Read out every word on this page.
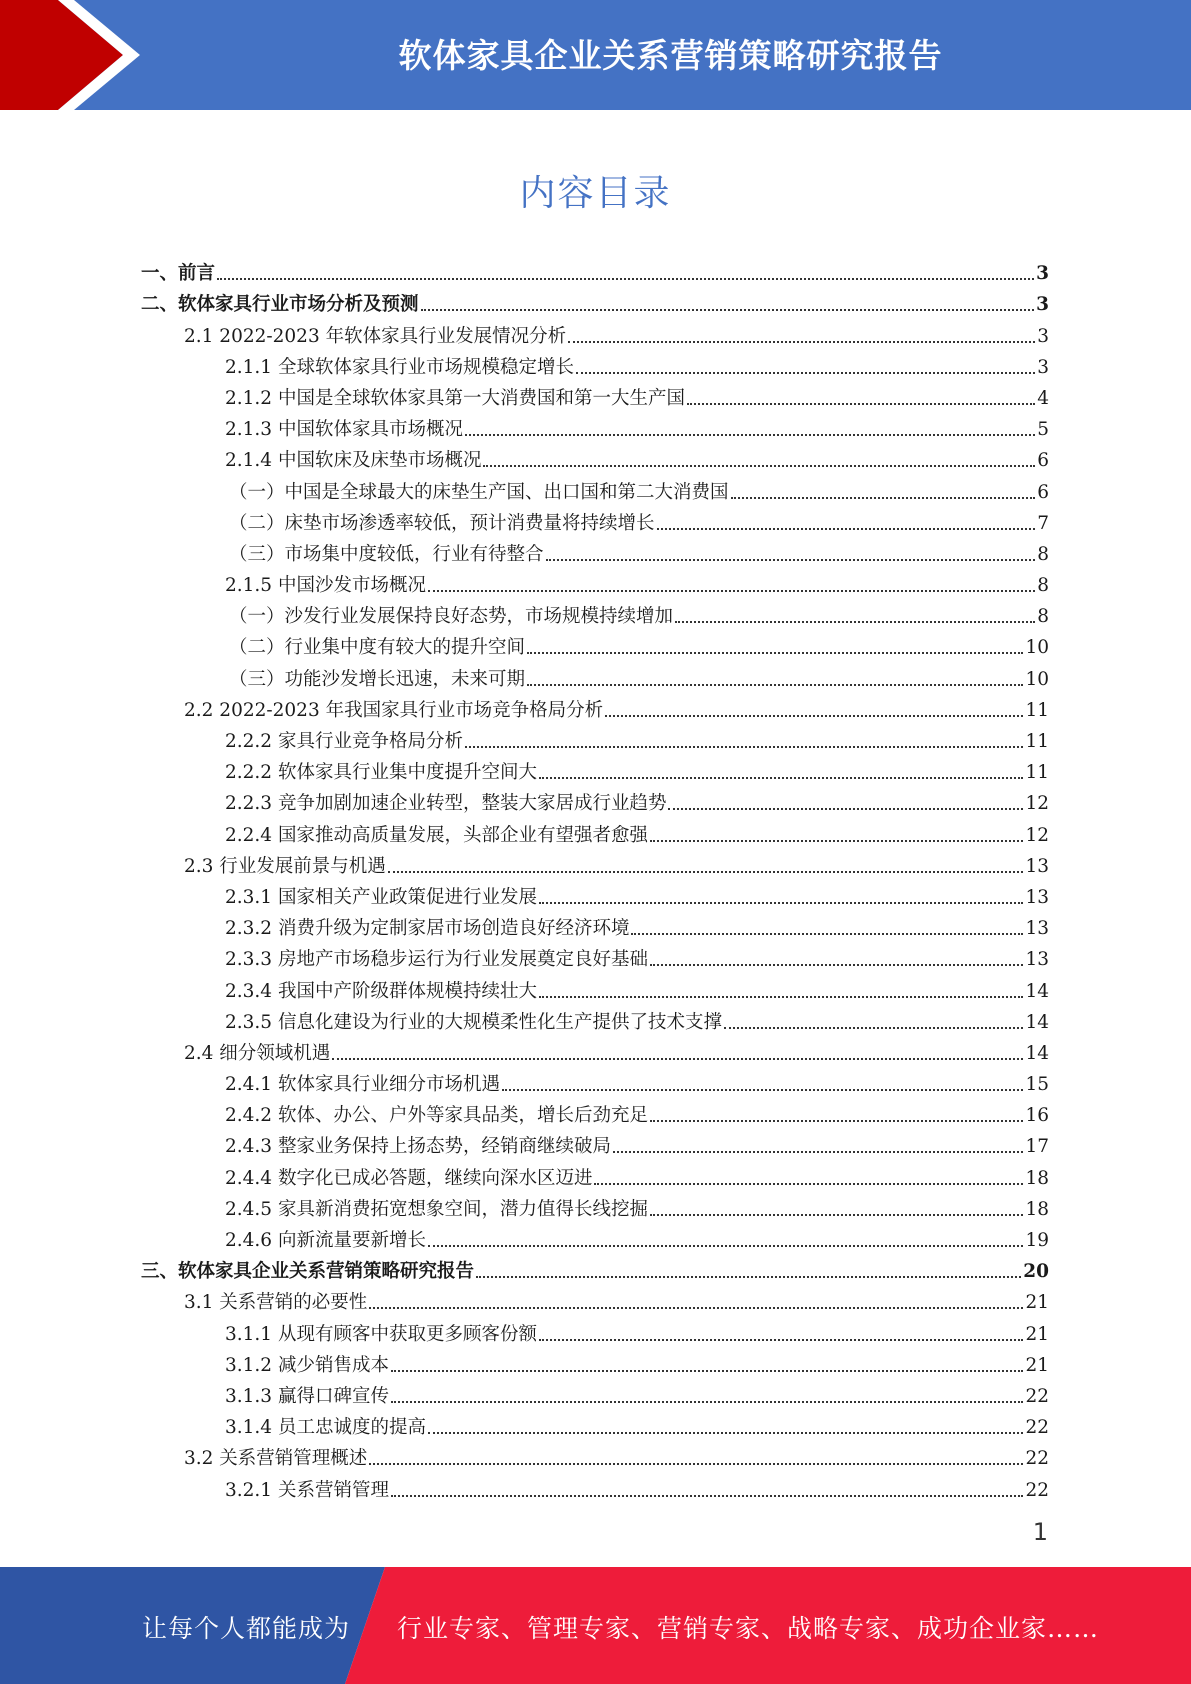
软体家具企业关系营销策略研究报告
内容目录
一、前言	3
二、软体家具行业市场分析及预测	3
2.1 2022-2023 年软体家具行业发展情况分析	3
2.1.1 全球软体家具行业市场规模稳定增长	3
2.1.2 中国是全球软体家具第一大消费国和第一大生产国	4
2.1.3 中国软体家具市场概况	5
2.1.4 中国软床及床垫市场概况	6
（一）中国是全球最大的床垫生产国、出口国和第二大消费国	6
（二）床垫市场渗透率较低，预计消费量将持续增长	7
（三）市场集中度较低，行业有待整合	8
2.1.5 中国沙发市场概况	8
（一）沙发行业发展保持良好态势，市场规模持续增加	8
（二）行业集中度有较大的提升空间	10
（三）功能沙发增长迅速，未来可期	10
2.2 2022-2023 年我国家具行业市场竞争格局分析	11
2.2.2 家具行业竞争格局分析	11
2.2.2 软体家具行业集中度提升空间大	11
2.2.3 竞争加剧加速企业转型，整装大家居成行业趋势	12
2.2.4 国家推动高质量发展，头部企业有望强者愈强	12
2.3 行业发展前景与机遇	13
2.3.1 国家相关产业政策促进行业发展	13
2.3.2 消费升级为定制家居市场创造良好经济环境	13
2.3.3 房地产市场稳步运行为行业发展奠定良好基础	13
2.3.4 我国中产阶级群体规模持续壮大	14
2.3.5 信息化建设为行业的大规模柔性化生产提供了技术支撑	14
2.4 细分领域机遇	14
2.4.1 软体家具行业细分市场机遇	15
2.4.2 软体、办公、户外等家具品类，增长后劲充足	16
2.4.3 整家业务保持上扬态势，经销商继续破局	17
2.4.4 数字化已成必答题，继续向深水区迈进	18
2.4.5 家具新消费拓宽想象空间，潜力值得长线挖掘	18
2.4.6 向新流量要新增长	19
三、软体家具企业关系营销策略研究报告	20
3.1 关系营销的必要性	21
3.1.1 从现有顾客中获取更多顾客份额	21
3.1.2 减少销售成本	21
3.1.3 赢得口碑宣传	22
3.1.4 员工忠诚度的提高	22
3.2 关系营销管理概述	22
3.2.1 关系营销管理	22
1
让每个人都能成为 行业专家、管理专家、营销专家、战略专家、成功企业家……
